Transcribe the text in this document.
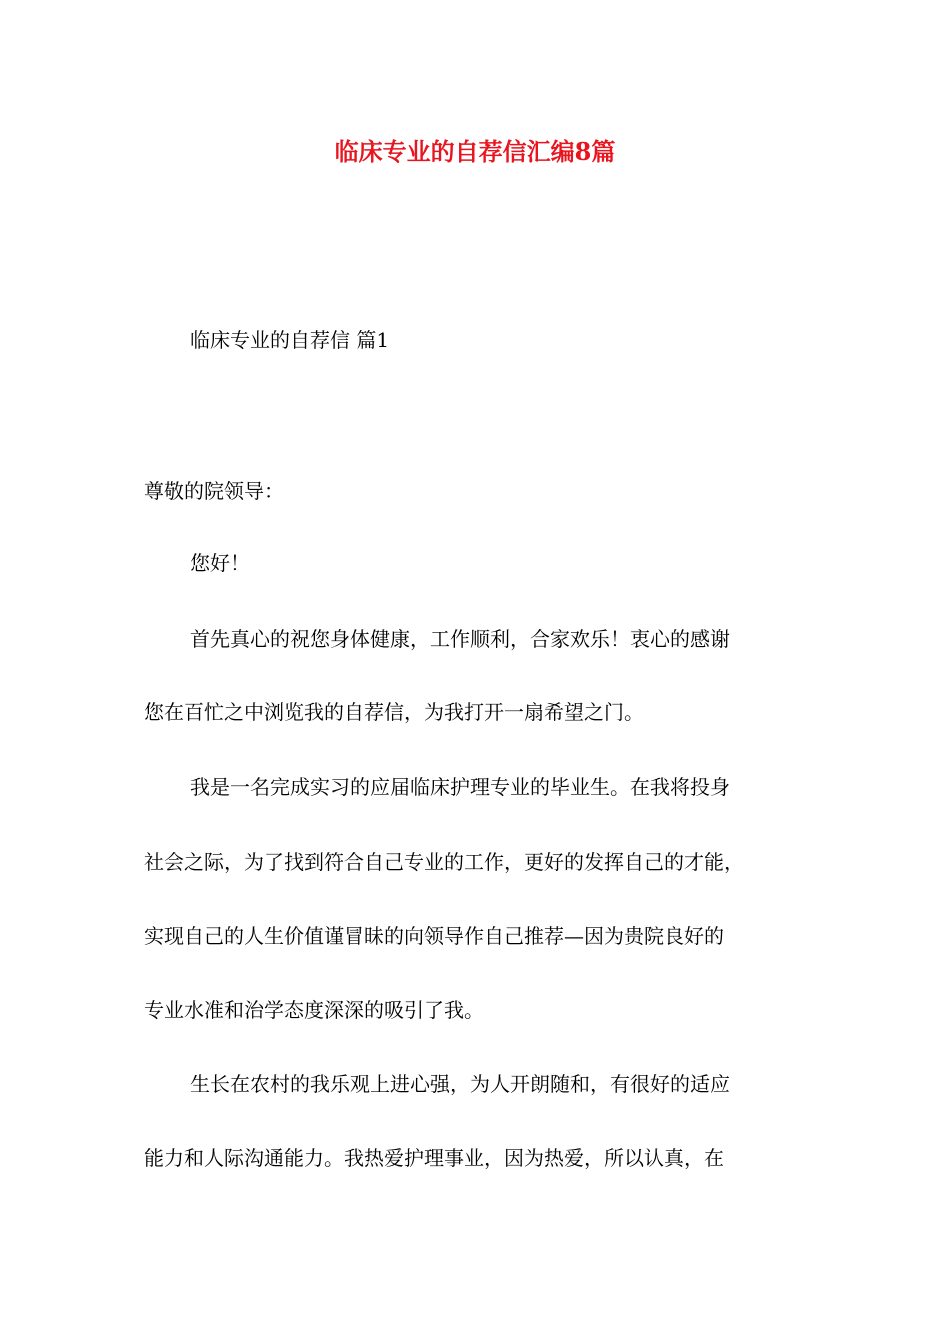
临床专业的自荐信汇编8篇
临床专业的自荐信 篇1
尊敬的院领导：
您好！
首先真心的祝您身体健康，工作顺利，合家欢乐！衷心的感谢
您在百忙之中浏览我的自荐信，为我打开一扇希望之门。
我是一名完成实习的应届临床护理专业的毕业生。在我将投身
社会之际，为了找到符合自己专业的工作，更好的发挥自己的才能，
实现自己的人生价值谨冒昧的向领导作自己推荐—因为贵院良好的
专业水准和治学态度深深的吸引了我。
生长在农村的我乐观上进心强，为人开朗随和，有很好的适应
能力和人际沟通能力。我热爱护理事业，因为热爱，所以认真，在
